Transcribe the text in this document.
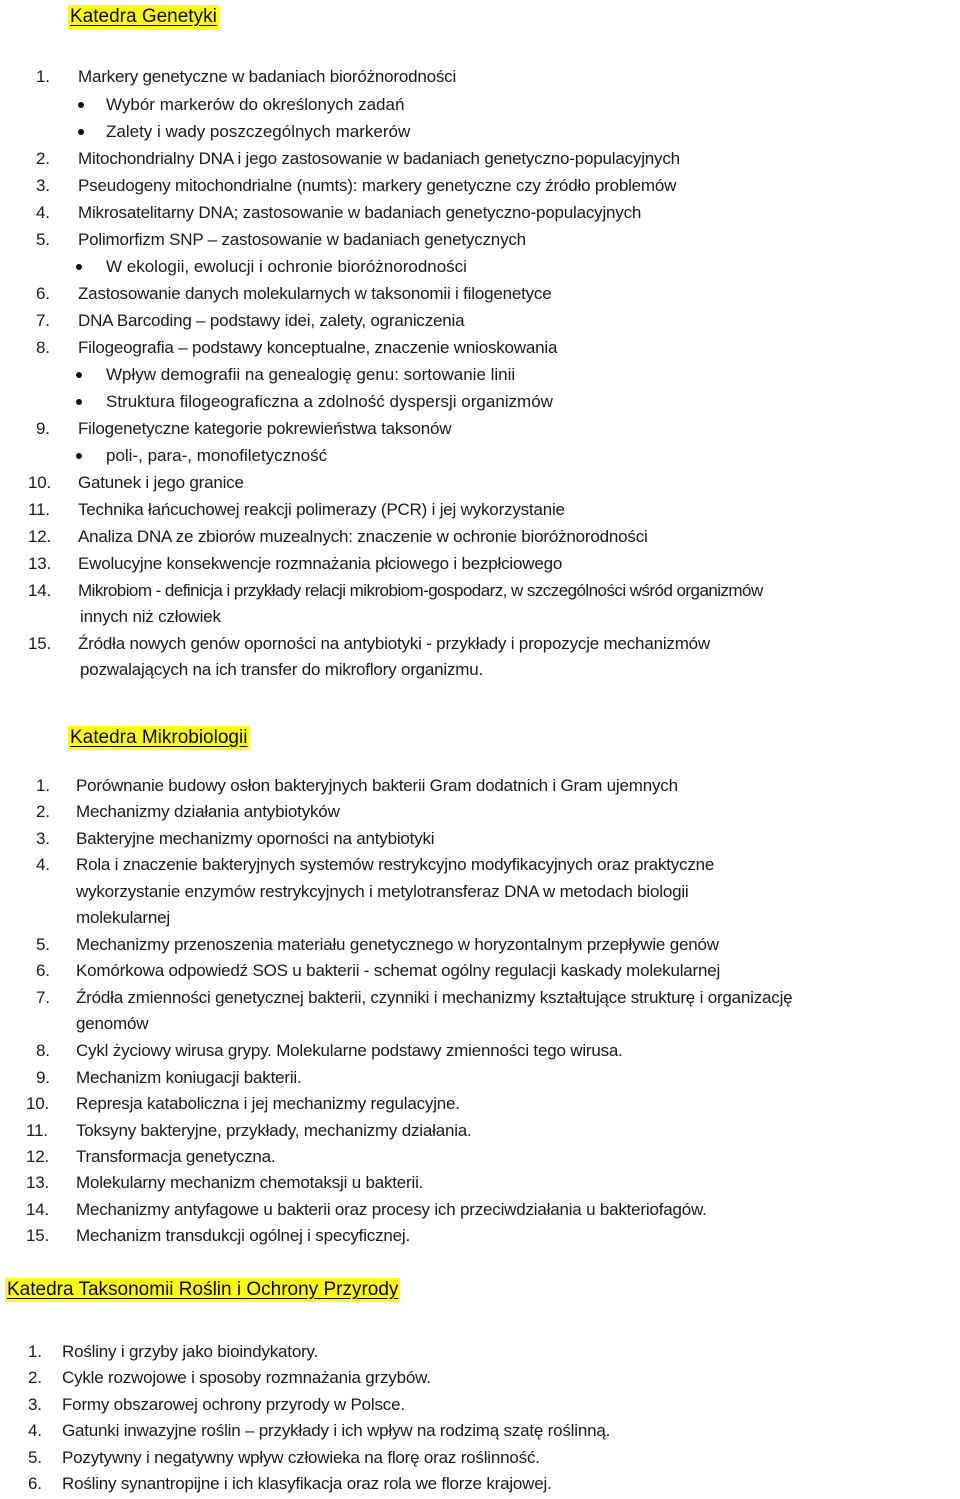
Katedra Genetyki
1. Markery genetyczne w badaniach bioróżnorodności
Wybór markerów do określonych zadań
Zalety i wady poszczególnych markerów
2. Mitochondrialny DNA i jego zastosowanie w badaniach genetyczno-populacyjnych
3. Pseudogeny mitochondrialne (numts): markery genetyczne czy źródło problemów
4. Mikrosatelitarny DNA; zastosowanie w badaniach genetyczno-populacyjnych
5. Polimorfizm SNP – zastosowanie w badaniach genetycznych
W ekologii, ewolucji i ochronie bioróżnorodności
6. Zastosowanie danych molekularnych w taksonomii i filogenetyce
7. DNA Barcoding – podstawy idei, zalety, ograniczenia
8. Filogeografia – podstawy konceptualne, znaczenie wnioskowania
Wpływ demografii na genealogię genu: sortowanie linii
Struktura filogeograficzna a zdolność dyspersji organizmów
9. Filogenetyczne kategorie pokrewieństwa taksonów
poli-, para-, monofiletyczność
10. Gatunek i jego granice
11. Technika łańcuchowej reakcji polimerazy (PCR) i jej wykorzystanie
12. Analiza DNA ze zbiorów muzealnych: znaczenie w ochronie bioróżnorodności
13. Ewolucyjne konsekwencje rozmnażania płciowego i bezpłciowego
14. Mikrobiom - definicja i przykłady relacji mikrobiom-gospodarz, w szczególności wśród organizmów
innych niż człowiek
15. Źródła nowych genów oporności na antybiotyki - przykłady i propozycje mechanizmów
pozwalających na ich transfer do mikroflory organizmu.
Katedra Mikrobiologii
1. Porównanie budowy osłon bakteryjnych bakterii Gram dodatnich i Gram ujemnych
2. Mechanizmy działania antybiotyków
3. Bakteryjne mechanizmy oporności na antybiotyki
4. Rola i znaczenie bakteryjnych systemów restrykcyjno modyfikacyjnych oraz praktyczne
wykorzystanie enzymów restrykcyjnych i metylotransferaz DNA w metodach biologii
molekularnej
5. Mechanizmy przenoszenia materiału genetycznego w horyzontalnym przepływie genów
6. Komórkowa odpowiedź SOS u bakterii - schemat ogólny regulacji kaskady molekularnej
7. Źródła zmienności genetycznej bakterii, czynniki i mechanizmy kształtujące strukturę i organizację
genomów
8. Cykl życiowy wirusa grypy. Molekularne podstawy zmienności tego wirusa.
9. Mechanizm koniugacji bakterii.
10. Represja kataboliczna i jej mechanizmy regulacyjne.
11. Toksyny bakteryjne, przykłady, mechanizmy działania.
12. Transformacja genetyczna.
13. Molekularny mechanizm chemotaksji u bakterii.
14. Mechanizmy antyfagowe u bakterii oraz procesy ich przeciwdziałania u bakteriofagów.
15. Mechanizm transdukcji ogólnej i specyficznej.
Katedra Taksonomii Roślin i Ochrony Przyrody
1. Rośliny i grzyby jako bioindykatory.
2. Cykle rozwojowe i sposoby rozmnażania grzybów.
3. Formy obszarowej ochrony przyrody w Polsce.
4. Gatunki inwazyjne roślin – przykłady i ich wpływ na rodzimą szatę roślinną.
5. Pozytywny i negatywny wpływ człowieka na florę oraz roślinność.
6. Rośliny synantropijne i ich klasyfikacja oraz rola we florze krajowej.
